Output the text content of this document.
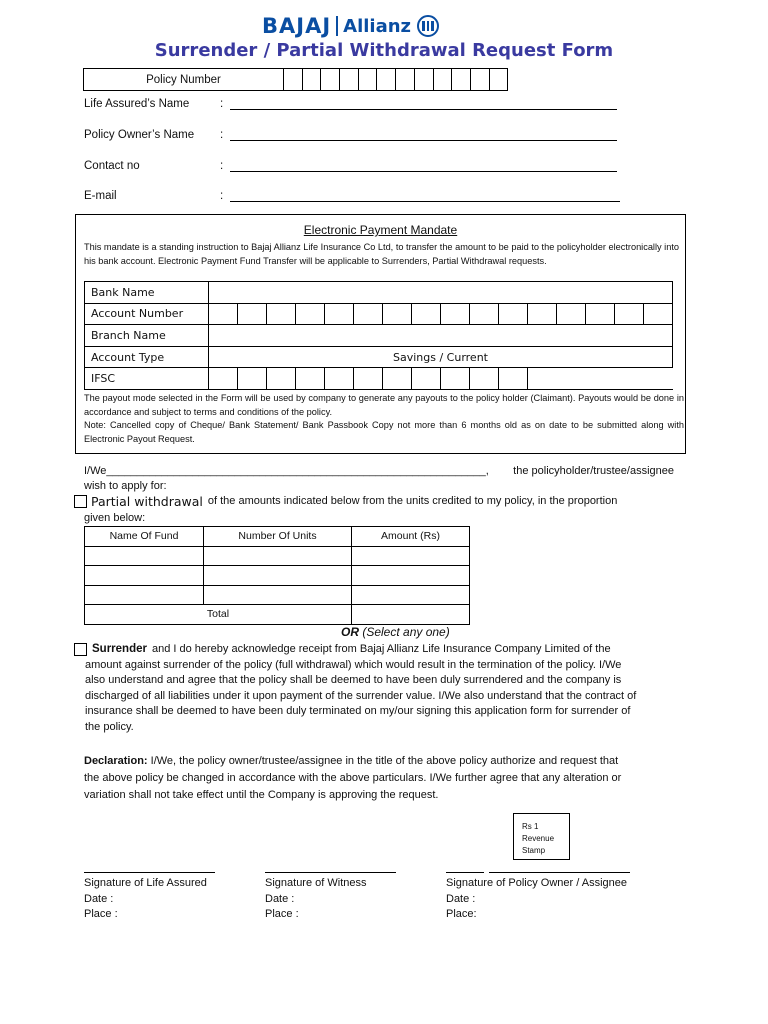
BAJAJ Allianz
Surrender / Partial Withdrawal Request Form
Policy Number												
Life Assured’s Name	:
Policy Owner’s Name :
Contact no	:
E-mail	:
Electronic Payment Mandate
This mandate is a standing instruction to Bajaj Allianz Life Insurance Co Ltd, to transfer the amount to be paid to the policyholder electronically into his bank account. Electronic Payment Fund Transfer will be applicable to Surrenders, Partial Withdrawal requests.
Bank Name																
Account Number																
Branch Name																
Account Type	Savings / Current															
IFSC																
The payout mode selected in the Form will be used by company to generate any payouts to the policy holder (Claimant). Payouts would be done in accordance and subject to terms and conditions of the policy.
Note: Cancelled copy of Cheque/ Bank Statement/ Bank Passbook Copy not more than 6 months old as on date to be submitted along with Electronic Payout Request.
I/We______________________________________________________________, the policyholder/trustee/assignee
wish to apply for:
Partial withdrawal of the amounts indicated below from the units credited to my policy, in the proportion
given below:
Name Of Fund	Number Of Units	Amount (Rs)

Total		
OR (Select any one)
Surrender and I do hereby acknowledge receipt from Bajaj Allianz Life Insurance Company Limited of the
amount against surrender of the policy (full withdrawal) which would result in the termination of the policy. I/We
also understand and agree that the policy shall be deemed to have been duly surrendered and the company is
discharged of all liabilities under it upon payment of the surrender value. I/We also understand that the contract of
insurance shall be deemed to have been duly terminated on my/our signing this application form for surrender of
the policy.
Declaration: I/We, the policy owner/trustee/assignee in the title of the above policy authorize and request that
the above policy be changed in accordance with the above particulars. I/We further agree that any alteration or
variation shall not take effect until the Company is approving the request.
Rs 1
Revenue
Stamp
Signature of Life Assured
Date :
Place :
Signature of Witness
Date :
Place :
Signature of Policy Owner / Assignee
Date :
Place:
